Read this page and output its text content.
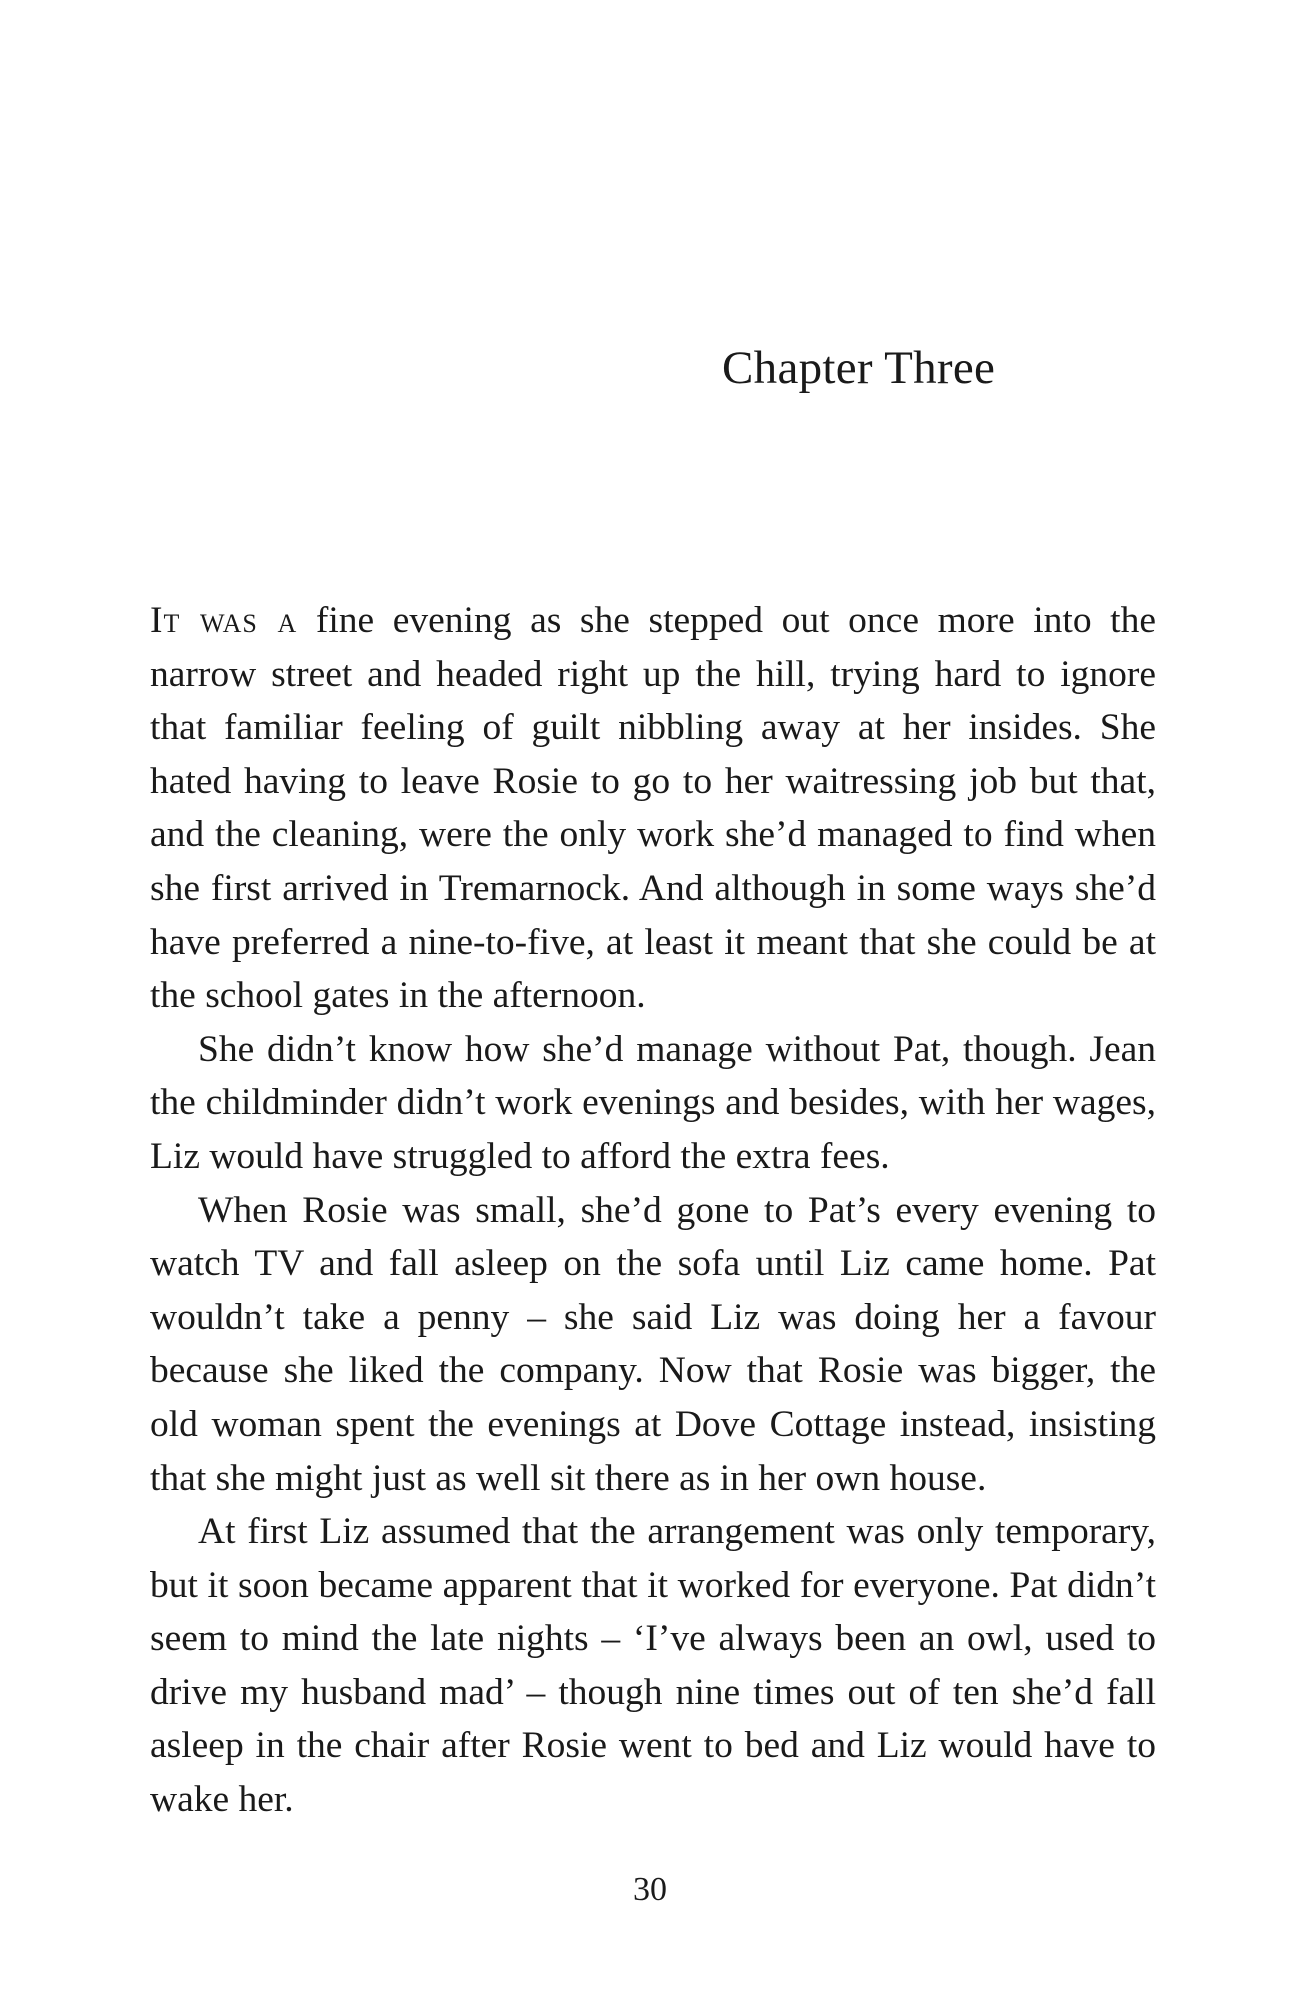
Chapter Three

It was a fine evening as she stepped out once more into the narrow street and headed right up the hill, trying hard to ignore that familiar feeling of guilt nibbling away at her insides. She hated having to leave Rosie to go to her waitressing job but that, and the cleaning, were the only work she’d managed to find when she first arrived in Tremarnock. And although in some ways she’d have preferred a nine-to-five, at least it meant that she could be at the school gates in the afternoon.

She didn’t know how she’d manage without Pat, though. Jean the childminder didn’t work evenings and besides, with her wages, Liz would have struggled to afford the extra fees.

When Rosie was small, she’d gone to Pat’s every evening to watch TV and fall asleep on the sofa until Liz came home. Pat wouldn’t take a penny – she said Liz was doing her a favour because she liked the company. Now that Rosie was bigger, the old woman spent the evenings at Dove Cottage instead, insisting that she might just as well sit there as in her own house.

At first Liz assumed that the arrangement was only temporary, but it soon became apparent that it worked for everyone. Pat didn’t seem to mind the late nights – ‘I’ve always been an owl, used to drive my husband mad’ – though nine times out of ten she’d fall asleep in the chair after Rosie went to bed and Liz would have to wake her.

30
